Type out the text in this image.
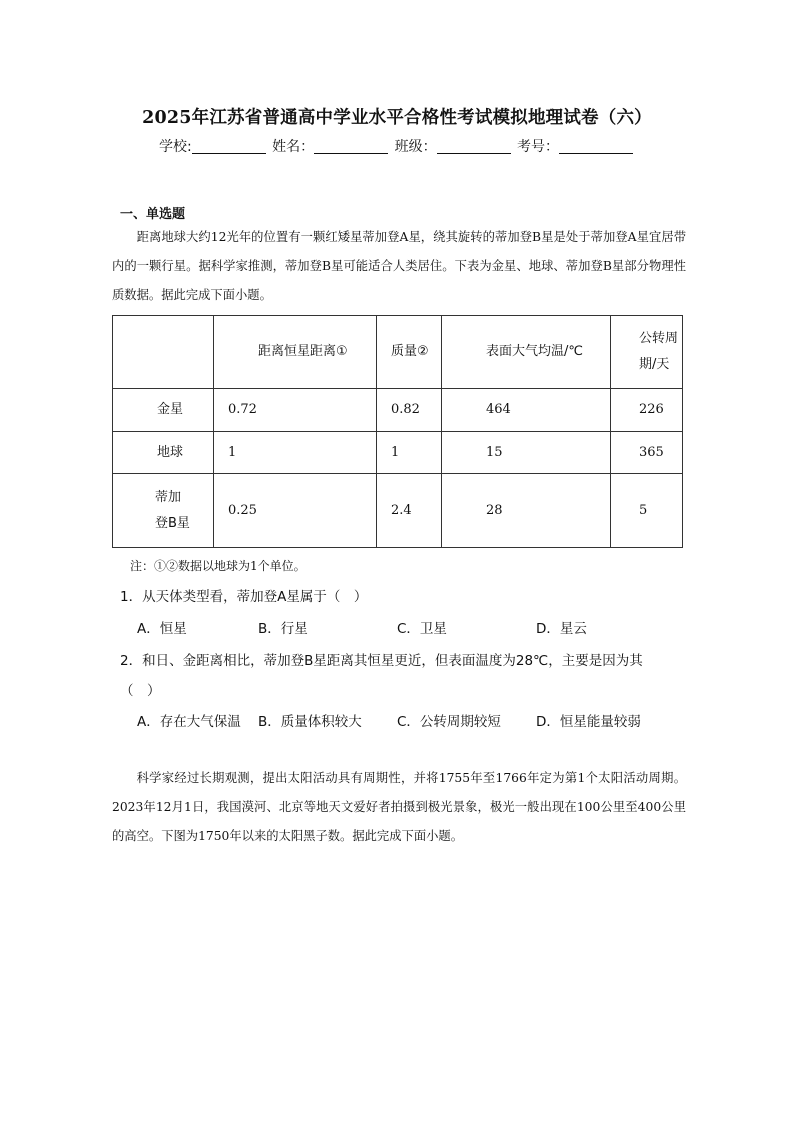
2025年江苏省普通高中学业水平合格性考试模拟地理试卷（六）
学校:	姓名：	班级：	考号：
一、单选题

距离地球大约12光年的位置有一颗红矮星蒂加登A星，绕其旋转的蒂加登B星是处于蒂加登A星宜居带内的一颗行星。据科学家推测，蒂加登B星可能适合人类居住。下表为金星、地球、蒂加登B星部分物理性质数据。据此完成下面小题。

	距离恒星距离①	质量②	表面大气均温/℃	公转周期/天
金星	0.72	0.82	464	226
地球	1	1	15	365
蒂加登B星	0.25	2.4	28	5
注：①②数据以地球为1个单位。
1．从天体类型看，蒂加登A星属于（　）
A．恒星	B．行星	C．卫星	D．星云
2．和日、金距离相比，蒂加登B星距离其恒星更近，但表面温度为28℃，主要是因为其
（　）
A．存在大气保温 B．质量体积较大	C．公转周期较短	D．恒星能量较弱

科学家经过长期观测，提出太阳活动具有周期性，并将1755年至1766年定为第1个太阳活动周期。2023年12月1日，我国漠河、北京等地天文爱好者拍摄到极光景象，极光一般出现在100公里至400公里的高空。下图为1750年以来的太阳黑子数。据此完成下面小题。
